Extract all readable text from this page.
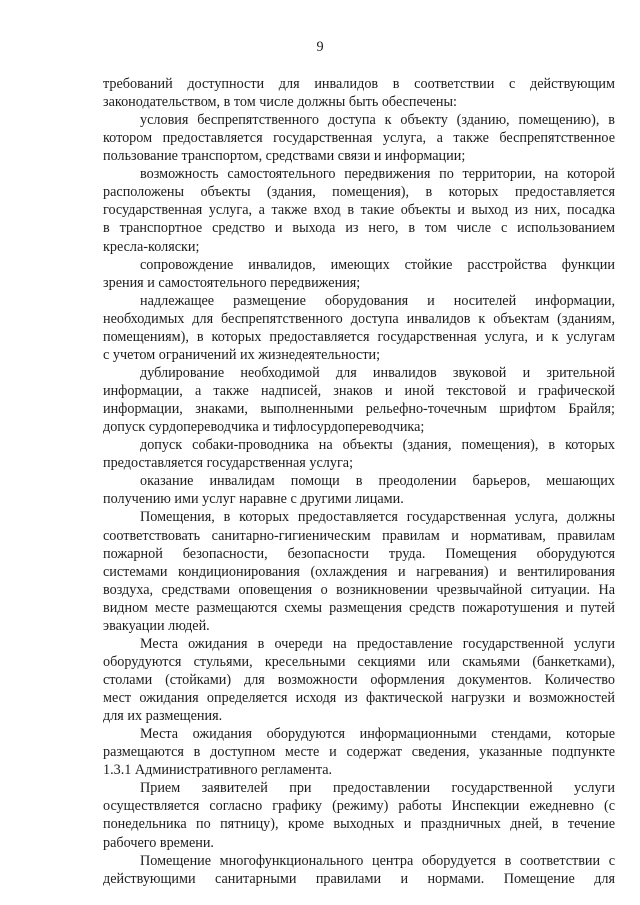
9
требований доступности для инвалидов в соответствии с действующим
законодательством, в том числе должны быть обеспечены:
условия беспрепятственного доступа к объекту (зданию, помещению), в
котором предоставляется государственная услуга, а также беспрепятственное
пользование транспортом, средствами связи и информации;
возможность самостоятельного передвижения по территории, на которой
расположены объекты (здания, помещения), в которых предоставляется
государственная услуга, а также вход в такие объекты и выход из них, посадка
в транспортное средство и выхода из него, в том числе с использованием
кресла-коляски;
сопровождение инвалидов, имеющих стойкие расстройства функции
зрения и самостоятельного передвижения;
надлежащее размещение оборудования и носителей информации,
необходимых для беспрепятственного доступа инвалидов к объектам (зданиям,
помещениям), в которых предоставляется государственная услуга, и к услугам
с учетом ограничений их жизнедеятельности;
дублирование необходимой для инвалидов звуковой и зрительной
информации, а также надписей, знаков и иной текстовой и графической
информации, знаками, выполненными рельефно-точечным шрифтом Брайля;
допуск сурдопереводчика и тифлосурдопереводчика;
допуск собаки-проводника на объекты (здания, помещения), в которых
предоставляется государственная услуга;
оказание инвалидам помощи в преодолении барьеров, мешающих
получению ими услуг наравне с другими лицами.
Помещения, в которых предоставляется государственная услуга, должны
соответствовать санитарно-гигиеническим правилам и нормативам, правилам
пожарной безопасности, безопасности труда. Помещения оборудуются
системами кондиционирования (охлаждения и нагревания) и вентилирования
воздуха, средствами оповещения о возникновении чрезвычайной ситуации. На
видном месте размещаются схемы размещения средств пожаротушения и путей
эвакуации людей.
Места ожидания в очереди на предоставление государственной услуги
оборудуются стульями, кресельными секциями или скамьями (банкетками),
столами (стойками) для возможности оформления документов. Количество
мест ожидания определяется исходя из фактической нагрузки и возможностей
для их размещения.
Места ожидания оборудуются информационными стендами, которые
размещаются в доступном месте и содержат сведения, указанные подпункте
1.3.1 Административного регламента.
Прием заявителей при предоставлении государственной услуги
осуществляется согласно графику (режиму) работы Инспекции ежедневно (с
понедельника по пятницу), кроме выходных и праздничных дней, в течение
рабочего времени.
Помещение многофункционального центра оборудуется в соответствии с
действующими санитарными правилами и нормами. Помещение для
